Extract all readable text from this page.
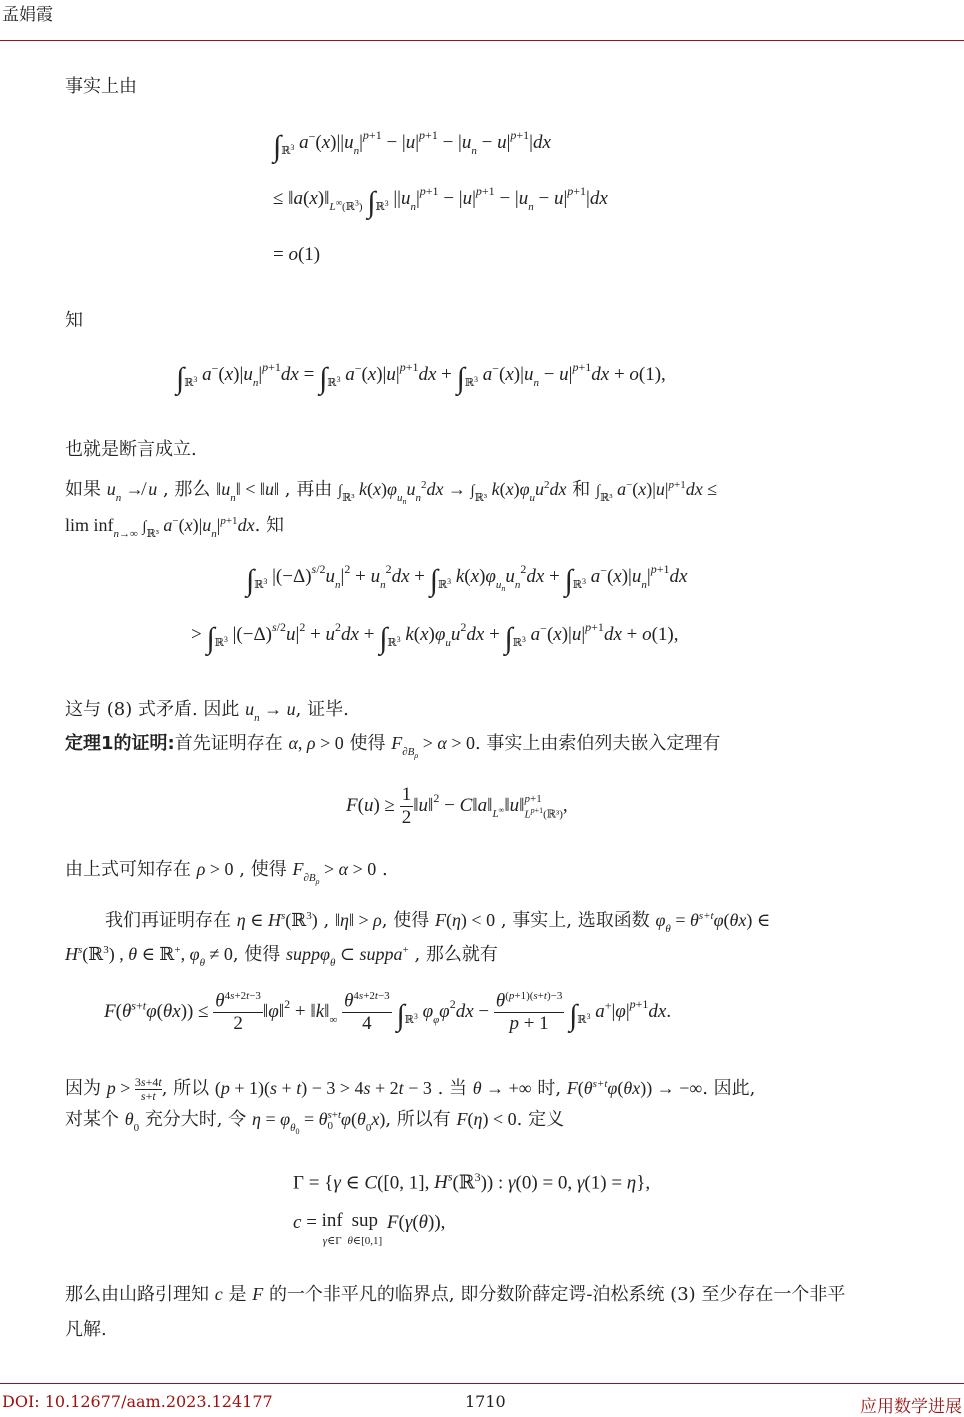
孟娟霞
事实上由
$\int_{ℝ^3}$ $a^-(x)||u_n|^{p+1} - |u|^{p+1} - |u_n - u|^{p+1}|dx$
≤ $‖a(x)‖_{L^\infty(ℝ^3)}$ $\int_{ℝ^3}$ $||u_n|^{p+1} - |u|^{p+1} - |u_n - u|^{p+1}|dx$
= o(1)
知
$\int_{ℝ^3}$ $a^-(x)|u_n|^{p+1}dx = \int_{ℝ^3}$ $a^-(x)|u|^{p+1}dx + \int_{ℝ^3}$ $a^-(x)|u_n - u|^{p+1}dx + o(1)$,
也就是断言成立.
如果 $u_n$ ↛ u , 那么 $‖u_n‖$ < ‖u‖ , 再由 $\int_{ℝ^3}$ $k(x)\varphi_{u_n}u_n^2dx \to \int_{ℝ^3}$ $k(x)\varphi_uu^2dx$ 和 $\int_{ℝ^3}$ $a^-(x)|u|^{p+1}dx$ ≤
lim inf$_{n\to\infty}$ $\int_{ℝ^3}$ $a^-(x)|u_n|^{p+1}dx$. 知
$\int_{ℝ^3}$ $|(-\Delta)^{s/2}u_n|^2 + u_n^2dx + \int_{ℝ^3}$ $k(x)\varphi_{u_n}u_n^2dx + \int_{ℝ^3}$ $a^-(x)|u_n|^{p+1}dx$
> $\int_{ℝ^3}$ $|(-\Delta)^{s/2}u|^2 + u^2dx + \int_{ℝ^3}$ $k(x)\varphi_uu^2dx + \int_{ℝ^3}$ $a^-(x)|u|^{p+1}dx + o(1)$,
这与 (8) 式矛盾. 因此 $u_n \to u$, 证毕.
定理1的证明:首先证明存在 α, ρ > 0 使得 $F_{\partial B_\rho} > \alpha > 0$. 事实上由索伯列夫嵌入定理有
$F(u) \ge \frac{1}{2}$ ‖u‖$^2$ − $C‖a‖_{L^\infty}‖u‖$ p+1
$L^{p+1}(ℝ^3)$ ,
由上式可知存在 ρ > 0 , 使得 $F_{\partial B_\rho} > \alpha > 0$ .
我们再证明存在 η ∈ $H^s(ℝ^3)$ , ‖η‖ > ρ, 使得 F(η) < 0 , 事实上, 选取函数 $\varphi_\theta = \theta^{s+t}\varphi(\theta x)$ ∈
$H^s(ℝ^3)$ , θ ∈ ℝ+, $\varphi_\theta \ne 0$, 使得 suppφ$_\theta$ ⊂ suppa+ , 那么就有
$F(\theta^{s+t}\varphi(\theta x)) \le \frac{\theta^{4s+2t-3}}{2}$ ‖φ‖$^2$ + $‖k‖_\infty \frac{\theta^{4s+2t-3}}{4} \int_{ℝ^3}$ $\varphi_\varphi\varphi^2dx - \frac{\theta^{(p+1)(s+t)-3}}{p + 1} \int_{ℝ^3}$ $a^+|\varphi|^{p+1}dx$.
因为 $p > \frac{3s+4t}{s+t}$, 所以 (p + 1)(s + t) − 3 > 4s + 2t − 3 . 当 θ → +∞ 时, $F(\theta^{s+t}\varphi(\theta x))$ → −∞. 因此,
对某个 $\theta_0$ 充分大时, 令 $\eta = \varphi_{\theta_0} = \theta$ s+t
0 $\varphi(\theta_0x)$, 所以有 F(η) < 0. 定义
Γ = {γ ∈ C([0, 1], $H^s(ℝ^3)$) : γ(0) = 0, γ(1) = η},
c = inf
γ∈Γ sup
θ∈[0,1] F(γ(θ)),
那么由山路引理知 c 是 F 的一个非平凡的临界点, 即分数阶薛定谔-泊松系统 (3) 至少存在一个非平
凡解.
DOI: 10.12677/aam.2023.124177	1710	应用数学进展
